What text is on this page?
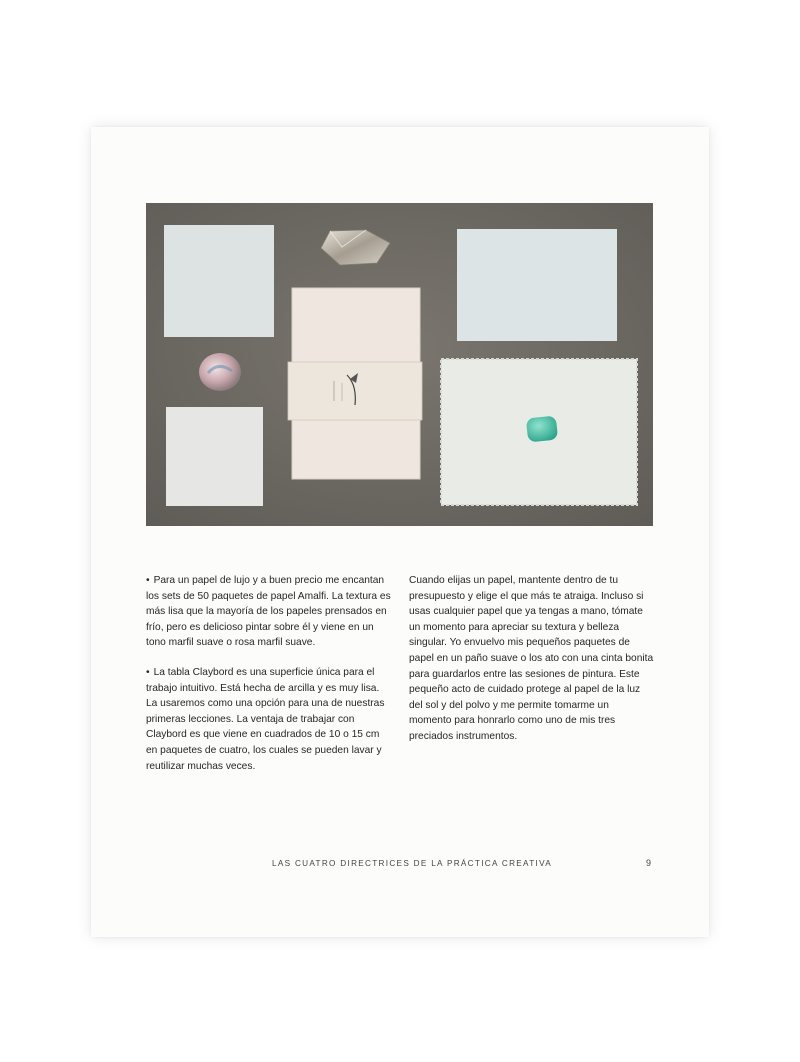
• Para un papel de lujo y a buen precio me encantan los sets de 50 paquetes de papel Amalfi. La textura es más lisa que la mayoría de los papeles prensados en frío, pero es delicioso pintar sobre él y viene en un tono marfil suave o rosa marfil suave.

• La tabla Claybord es una superficie única para el trabajo intuitivo. Está hecha de arcilla y es muy lisa. La usaremos como una opción para una de nuestras primeras lecciones. La ventaja de trabajar con Claybord es que viene en cuadrados de 10 o 15 cm en paquetes de cuatro, los cuales se pueden lavar y reutilizar muchas veces.

Cuando elijas un papel, mantente dentro de tu presupuesto y elige el que más te atraiga. Incluso si usas cualquier papel que ya tengas a mano, tómate un momento para apreciar su textura y belleza singular. Yo envuelvo mis pequeños paquetes de papel en un paño suave o los ato con una cinta bonita para guardarlos entre las sesiones de pintura. Este pequeño acto de cuidado protege al papel de la luz del sol y del polvo y me permite tomarme un momento para honrarlo como uno de mis tres preciados instrumentos.

LAS CUATRO DIRECTRICES DE LA PRÁCTICA CREATIVA	9
